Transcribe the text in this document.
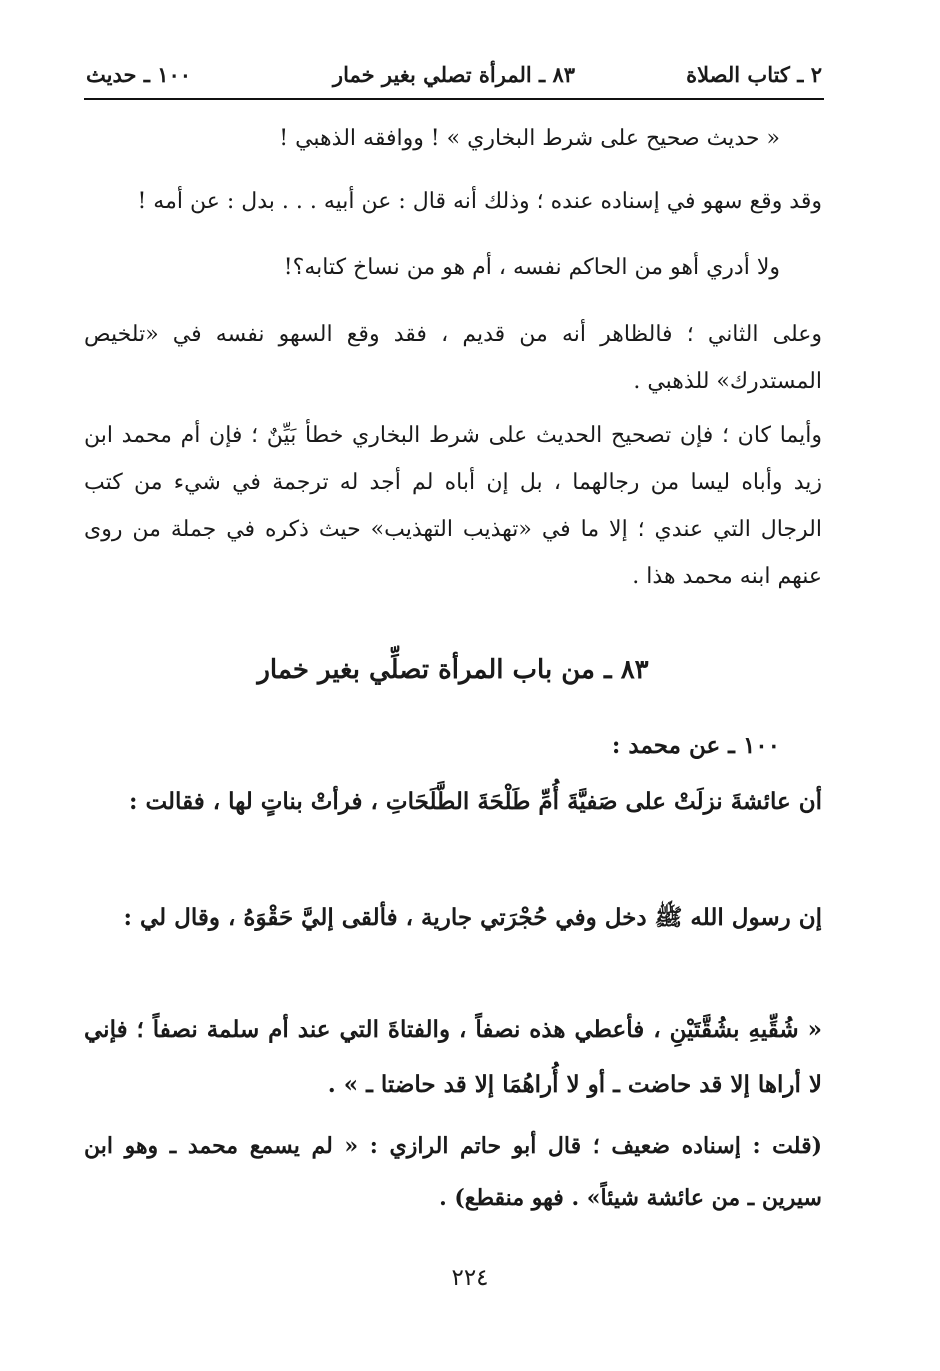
٢ ـ كتاب الصلاة
٨٣ ـ المرأة تصلي بغير خمار
١٠٠ ـ حديث
« حديث صحيح على شرط البخاري » ! ووافقه الذهبي !
وقد وقع سهو في إسناده عنده ؛ وذلك أنه قال : عن أبيه . . . بدل : عن أمه !
ولا أدري أهو من الحاكم نفسه ، أم هو من نساخ كتابه؟!
وعلى الثاني ؛ فالظاهر أنه من قديم ، فقد وقع السهو نفسه في «تلخيص المستدرك» للذهبي .
وأيما كان ؛ فإن تصحيح الحديث على شرط البخاري خطأ بَيِّنٌ ؛ فإن أم محمد ابن زيد وأباه ليسا من رجالهما ، بل إن أباه لم أجد له ترجمة في شيء من كتب الرجال التي عندي ؛ إلا ما في «تهذيب التهذيب» حيث ذكره في جملة من روى عنهم ابنه محمد هذا .
٨٣ ـ من باب المرأة تصلِّي بغير خمار
١٠٠ ـ عن محمد :
أن عائشةَ نزلَتْ على صَفيَّةَ أُمِّ طَلْحَةَ الطَّلَحَاتِ ، فرأتْ بناتٍ لها ، فقالت :
إن رسول الله ﷺ دخل وفي حُجْرَتي جارية ، فألقى إليَّ حَقْوَهُ ، وقال لي :
« شُقِّيهِ بشُقَّتَيْنِ ، فأعطي هذه نصفاً ، والفتاةَ التي عند أم سلمة نصفاً ؛ فإني لا أراها إلا قد حاضت ـ أو لا أُراهُمَا إلا قد حاضتا ـ » .
(قلت : إسناده ضعيف ؛ قال أبو حاتم الرازي : « لم يسمع محمد ـ وهو ابن سيرين ـ من عائشة شيئاً» . فهو منقطع) .
٢٢٤
